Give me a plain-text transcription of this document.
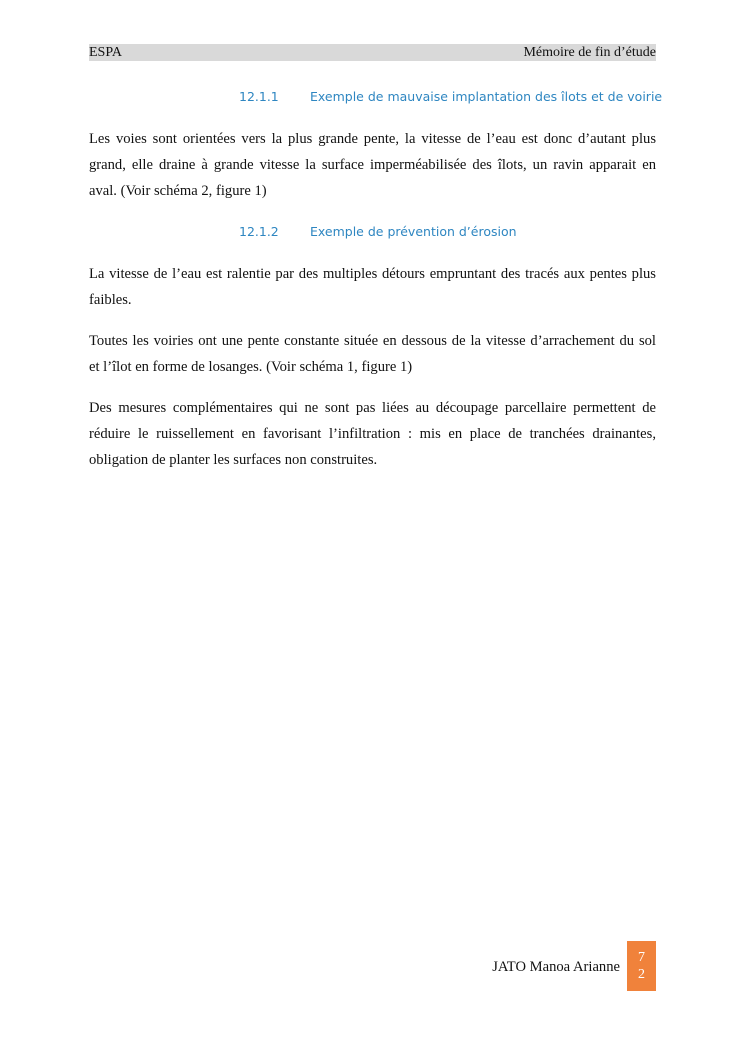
ESPA	Mémoire de fin d’étude
12.1.1 Exemple de mauvaise implantation des îlots et de voirie
Les voies sont orientées vers la plus grande pente, la vitesse de l’eau est donc d’autant plus
grand, elle draine à grande vitesse la surface imperméabilisée des îlots, un ravin apparait en
aval. (Voir schéma 2, figure 1)
12.1.2 Exemple de prévention d’érosion
La vitesse de l’eau est ralentie par des multiples détours empruntant des tracés aux pentes plus
faibles.
Toutes les voiries ont une pente constante située en dessous de la vitesse d’arrachement du sol
et l’îlot en forme de losanges. (Voir schéma 1, figure 1)
Des mesures complémentaires qui ne sont pas liées au découpage parcellaire permettent de
réduire le ruissellement en favorisant l’infiltration : mis en place de tranchées drainantes,
obligation de planter les surfaces non construites.
JATO Manoa Arianne
7
2
